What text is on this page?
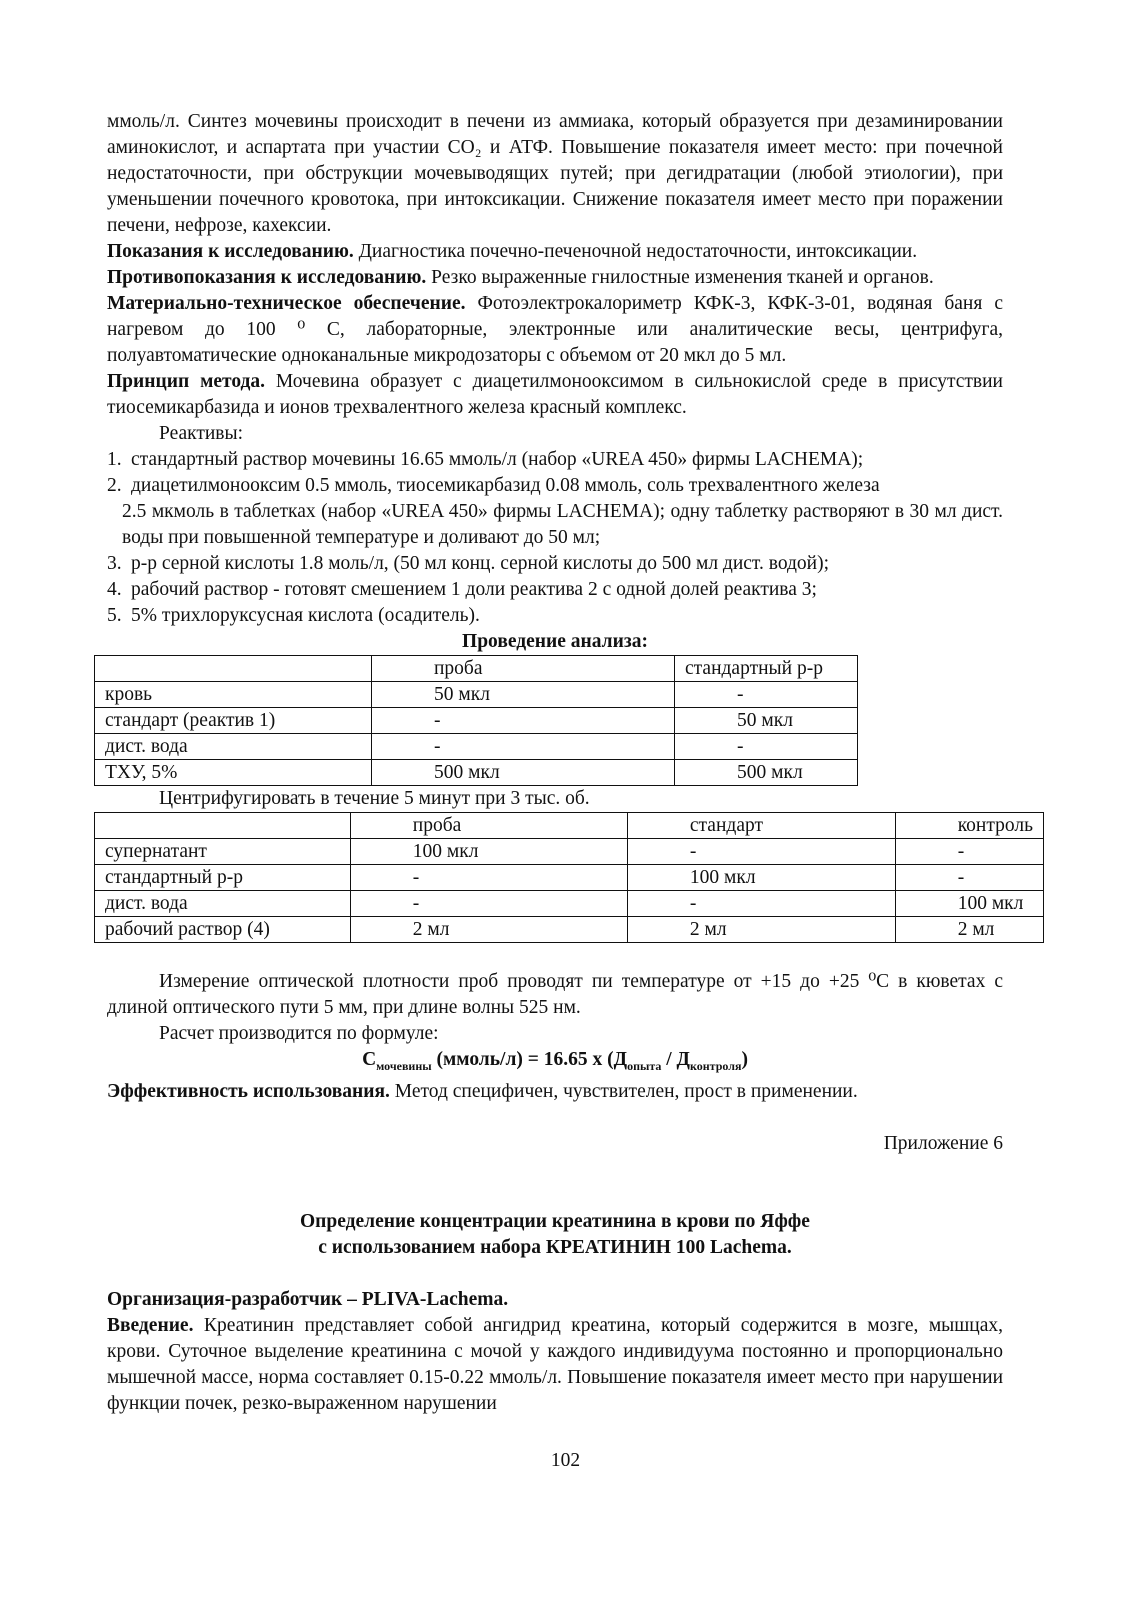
ммоль/л. Синтез мочевины происходит в печени из аммиака, который образуется при дезаминировании аминокислот, и аспартата при участии CO₂ и АТФ. Повышение показателя имеет место: при почечной недостаточности, при обструкции мочевыводящих путей; при дегидратации (любой этиологии), при уменьшении почечного кровотока, при интоксикации. Снижение показателя имеет место при поражении печени, нефрозе, кахексии.

Показания к исследованию. Диагностика почечно-печеночной недостаточности, интоксикации.

Противопоказания к исследованию. Резко выраженные гнилостные изменения тканей и органов.

Материально-техническое обеспечение. Фотоэлектрокалориметр КФК-3, КФК-3-01, водяная баня с нагревом до 100 ⁰ С, лабораторные, электронные или аналитические весы, центрифуга, полуавтоматические одноканальные микродозаторы с объемом от 20 мкл до 5 мл.

Принцип метода. Мочевина образует с диацетилмонооксимом в сильнокислой среде в присутствии тиосемикарбазида и ионов трехвалентного железа красный комплекс.

Реактивы:

1. стандартный раствор мочевины 16.65 ммоль/л (набор «UREA 450» фирмы LACHEMA);
2. диацетилмонооксим 0.5 ммоль, тиосемикарбазид 0.08 ммоль, соль трехвалентного железа

2.5 мкмоль в таблетках (набор «UREA 450» фирмы LACHEMA); одну таблетку растворяют в 30 мл дист. воды при повышенной температуре и доливают до 50 мл;

3. р-р серной кислоты 1.8 моль/л, (50 мл конц. серной кислоты до 500 мл дист. водой);
4. рабочий раствор - готовят смешением 1 доли реактива 2 с одной долей реактива 3;
5. 5% трихлоруксусная кислота (осадитель).

Проведение анализа:

	проба	стандартный р-р
кровь	50 мкл	-
стандарт (реактив 1)	-	50 мкл
дист. вода	-	-
ТХУ, 5%	500 мкл	500 мкл

Центрифугировать в течение 5 минут при 3 тыс. об.

	проба	стандарт	контроль
супернатант	100 мкл	-	-
стандартный р-р	-	100 мкл	-
дист. вода	-	-	100 мкл
рабочий раствор (4)	2 мл	2 мл	2 мл

Измерение оптической плотности проб проводят пи температуре от +15 до +25 ⁰С в кюветах с длиной оптического пути 5 мм, при длине волны 525 нм.

Расчет производится по формуле:

$C_{мочевины}$ (ммоль/л) = 16.65 х $(Д_{опыта} / Д_{контроля})$

Эффективность использования. Метод специфичен, чувствителен, прост в применении.

Приложение 6

Определение концентрации креатинина в крови по Яффе

с использованием набора КРЕАТИНИН 100 Lachema.

Организация-разработчик – PLIVA-Lachema.

Введение. Креатинин представляет собой ангидрид креатина, который содержится в мозге, мышцах, крови. Суточное выделение креатинина с мочой у каждого индивидуума постоянно и пропорционально мышечной массе, норма составляет 0.15-0.22 ммоль/л. Повышение показателя имеет место при нарушении функции почек, резко-выраженном нарушении

102
